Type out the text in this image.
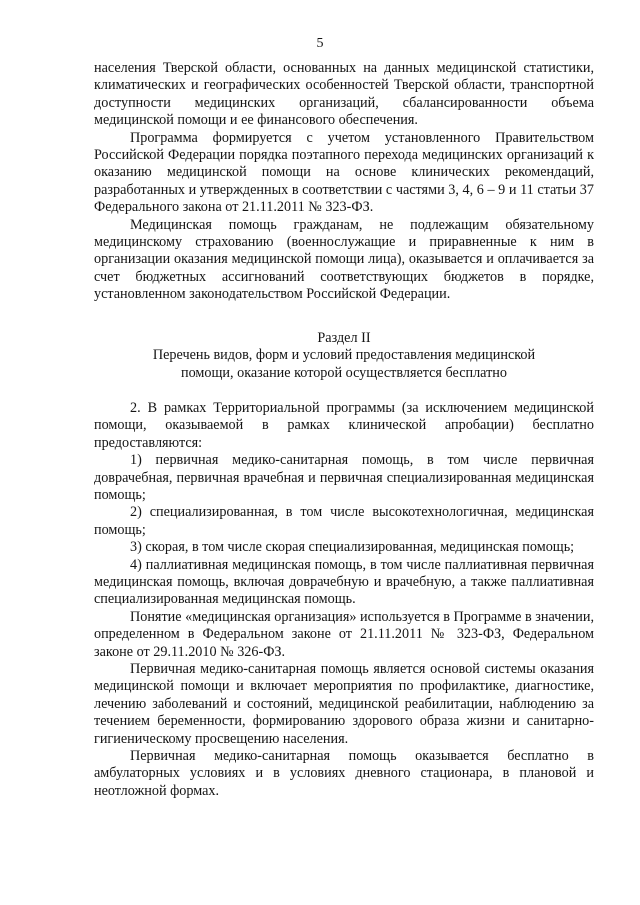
5

населения Тверской области, основанных на данных медицинской статистики, климатических и географических особенностей Тверской области, транспортной доступности медицинских организаций, сбалансированности объема медицинской помощи и ее финансового обеспечения.

Программа формируется с учетом установленного Правительством Российской Федерации порядка поэтапного перехода медицинских организаций к оказанию медицинской помощи на основе клинических рекомендаций, разработанных и утвержденных в соответствии с частями 3, 4, 6 – 9 и 11 статьи 37 Федерального закона от 21.11.2011 № 323-ФЗ.

Медицинская помощь гражданам, не подлежащим обязательному медицинскому страхованию (военнослужащие и приравненные к ним в организации оказания медицинской помощи лица), оказывается и оплачивается за счет бюджетных ассигнований соответствующих бюджетов в порядке, установленном законодательством Российской Федерации.

Раздел II

Перечень видов, форм и условий предоставления медицинской

помощи, оказание которой осуществляется бесплатно

2. В рамках Территориальной программы (за исключением медицинской помощи, оказываемой в рамках клинической апробации) бесплатно предоставляются:

1) первичная медико-санитарная помощь, в том числе первичная доврачебная, первичная врачебная и первичная специализированная медицинская помощь;

2) специализированная, в том числе высокотехнологичная, медицинская помощь;

3) скорая, в том числе скорая специализированная, медицинская помощь;

4) паллиативная медицинская помощь, в том числе паллиативная первичная медицинская помощь, включая доврачебную и врачебную, а также паллиативная специализированная медицинская помощь.

Понятие «медицинская организация» используется в Программе в значении, определенном в Федеральном законе от 21.11.2011 № 323-ФЗ, Федеральном законе от 29.11.2010 № 326-ФЗ.

Первичная медико-санитарная помощь является основой системы оказания медицинской помощи и включает мероприятия по профилактике, диагностике, лечению заболеваний и состояний, медицинской реабилитации, наблюдению за течением беременности, формированию здорового образа жизни и санитарно-гигиеническому просвещению населения.

Первичная медико-санитарная помощь оказывается бесплатно в амбулаторных условиях и в условиях дневного стационара, в плановой и неотложной формах.
